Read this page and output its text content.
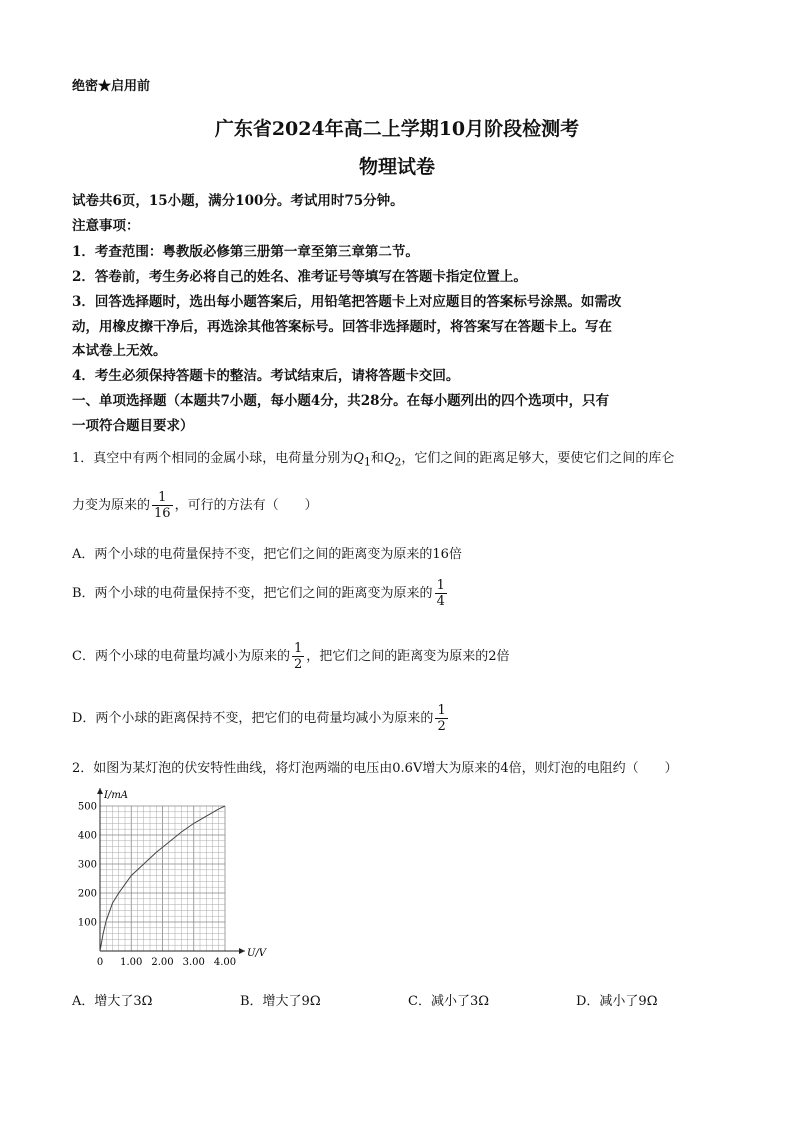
绝密★启用前
广东省2024年高二上学期10月阶段检测考
物理试卷
试卷共6页，15小题，满分100分。考试用时75分钟。
注意事项：
1．考查范围：粤教版必修第三册第一章至第三章第二节。
2．答卷前，考生务必将自己的姓名、准考证号等填写在答题卡指定位置上。
3．回答选择题时，选出每小题答案后，用铅笔把答题卡上对应题目的答案标号涂黑。如需改
动，用橡皮擦干净后，再选涂其他答案标号。回答非选择题时，将答案写在答题卡上。写在
本试卷上无效。
4．考生必须保持答题卡的整洁。考试结束后，请将答题卡交回。
一、单项选择题（本题共7小题，每小题4分，共28分。在每小题列出的四个选项中，只有
一项符合题目要求）
1．真空中有两个相同的金属小球，电荷量分别为$Q_1$和$Q_2$，它们之间的距离足够大，要使它们之间的库仑
力变为原来的 $\frac{1}{16}$ ，可行的方法有（　　）
A．两个小球的电荷量保持不变，把它们之间的距离变为原来的16倍
B．两个小球的电荷量保持不变，把它们之间的距离变为原来的 $\frac{1}{4}$
C．两个小球的电荷量均减小为原来的 $\frac{1}{2}$ ，把它们之间的距离变为原来的2倍
D．两个小球的距离保持不变，把它们的电荷量均减小为原来的 $\frac{1}{2}$
2．如图为某灯泡的伏安特性曲线，将灯泡两端的电压由0.6V增大为原来的4倍，则灯泡的电阻约（　　）
0 1.00 2.00 3.00 4.00
100
200
300
400
500
I/mA
U/V
A．增大了3Ω	B．增大了9Ω	C．减小了3Ω	D．减小了9Ω
